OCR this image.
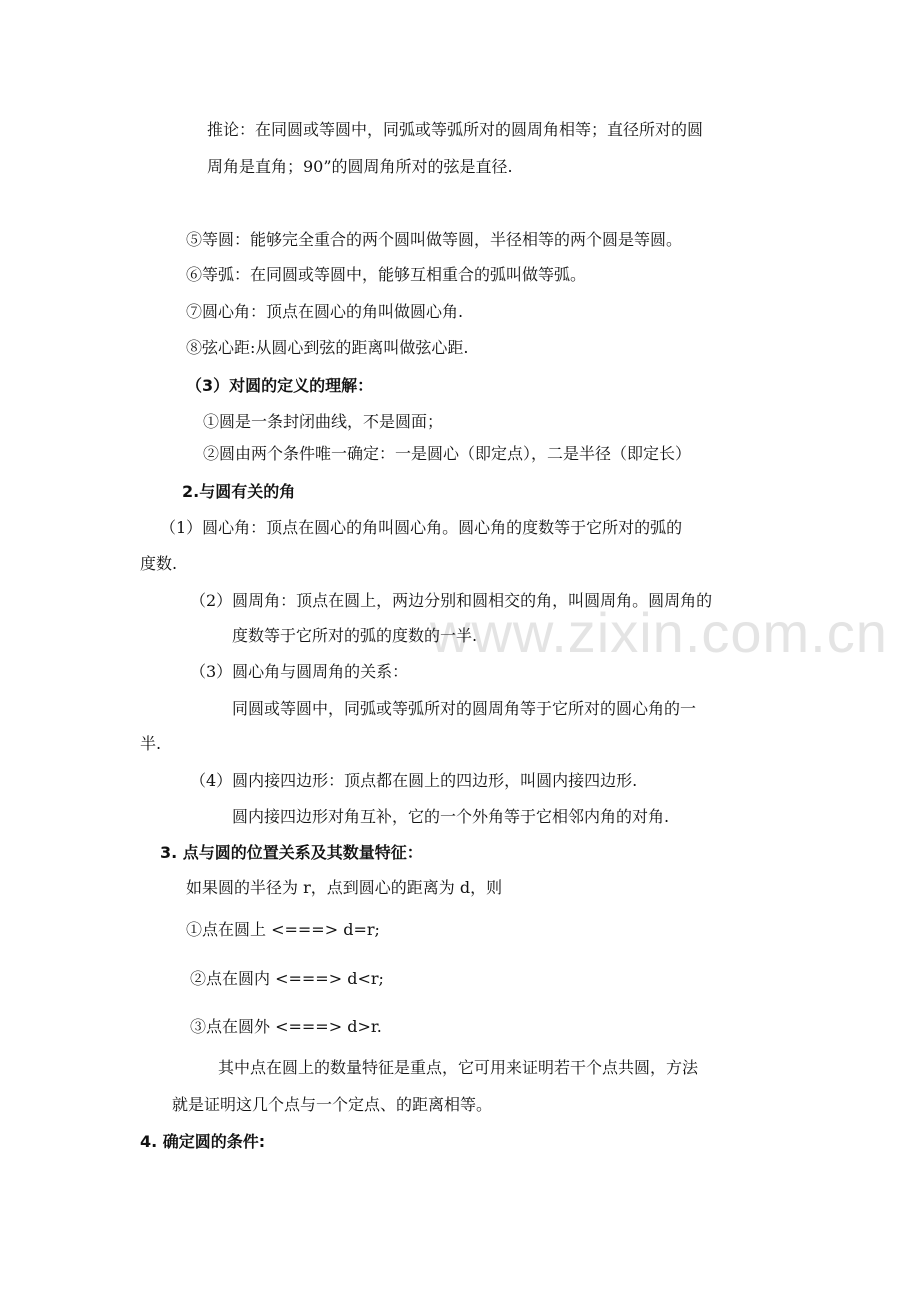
www.zixin.com.cn
推论：在同圆或等圆中，同弧或等弧所对的圆周角相等；直径所对的圆
周角是直角；90”的圆周角所对的弦是直径.
⑤等圆：能够完全重合的两个圆叫做等圆，半径相等的两个圆是等圆。
⑥等弧：在同圆或等圆中，能够互相重合的弧叫做等弧。
⑦圆心角：顶点在圆心的角叫做圆心角.
⑧弦心距:从圆心到弦的距离叫做弦心距.
（3）对圆的定义的理解：
①圆是一条封闭曲线，不是圆面；
②圆由两个条件唯一确定：一是圆心（即定点），二是半径（即定长）
2.与圆有关的角
（1）圆心角：顶点在圆心的角叫圆心角。圆心角的度数等于它所对的弧的
度数.
（2）圆周角：顶点在圆上，两边分别和圆相交的角，叫圆周角。圆周角的
度数等于它所对的弧的度数的一半.
（3）圆心角与圆周角的关系：
同圆或等圆中，同弧或等弧所对的圆周角等于它所对的圆心角的一
半.
（4）圆内接四边形：顶点都在圆上的四边形，叫圆内接四边形.
圆内接四边形对角互补，它的一个外角等于它相邻内角的对角.
3. 点与圆的位置关系及其数量特征：
如果圆的半径为 r，点到圆心的距离为 d，则
①点在圆上 <===> d=r;
②点在圆内 <===> d<r;
③点在圆外 <===> d>r.
其中点在圆上的数量特征是重点，它可用来证明若干个点共圆，方法
就是证明这几个点与一个定点、的距离相等。
4. 确定圆的条件:
